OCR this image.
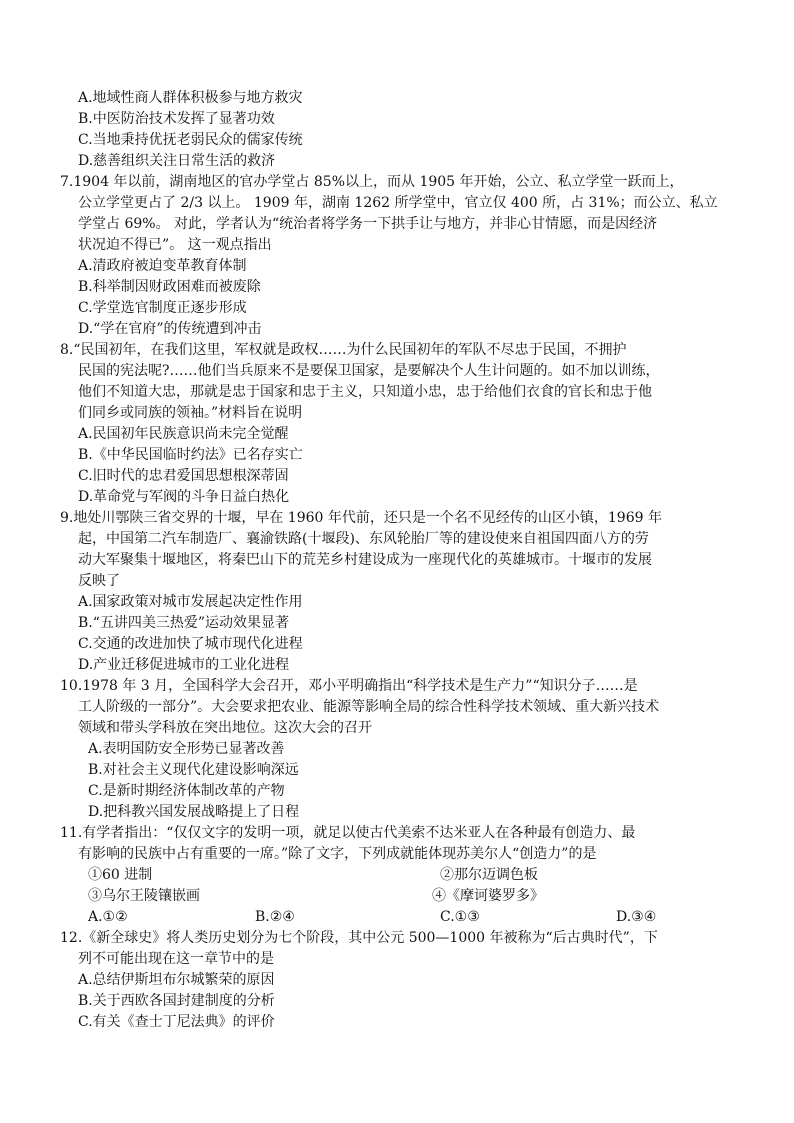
A.地域性商人群体积极参与地方救灾
B.中医防治技术发挥了显著功效
C.当地秉持优抚老弱民众的儒家传统
D.慈善组织关注日常生活的救济
7.1904 年以前，湖南地区的官办学堂占 85%以上，而从 1905 年开始，公立、私立学堂一跃而上，
公立学堂更占了 2/3 以上。 1909 年，湖南 1262 所学堂中，官立仅 400 所，占 31%；而公立、私立
学堂占 69%。 对此，学者认为“统治者将学务一下拱手让与地方，并非心甘情愿，而是因经济
状况迫不得已”。 这一观点指出
A.清政府被迫变革教育体制
B.科举制因财政困难而被废除
C.学堂选官制度正逐步形成
D.“学在官府”的传统遭到冲击
8.“民国初年，在我们这里，军权就是政权……为什么民国初年的军队不尽忠于民国，不拥护
民国的宪法呢?……他们当兵原来不是要保卫国家，是要解决个人生计问题的。如不加以训练，
他们不知道大忠，那就是忠于国家和忠于主义，只知道小忠，忠于给他们衣食的官长和忠于他
们同乡或同族的领袖。”材料旨在说明
A.民国初年民族意识尚未完全觉醒
B.《中华民国临时约法》已名存实亡
C.旧时代的忠君爱国思想根深蒂固
D.革命党与军阀的斗争日益白热化
9.地处川鄂陕三省交界的十堰，早在 1960 年代前，还只是一个名不见经传的山区小镇，1969 年
起，中国第二汽车制造厂、襄渝铁路(十堰段)、东风轮胎厂等的建设使来自祖国四面八方的劳
动大军聚集十堰地区，将秦巴山下的荒芜乡村建设成为一座现代化的英雄城市。十堰市的发展
反映了
A.国家政策对城市发展起决定性作用
B.“五讲四美三热爱”运动效果显著
C.交通的改进加快了城市现代化进程
D.产业迁移促进城市的工业化进程
10.1978 年 3 月，全国科学大会召开，邓小平明确指出“科学技术是生产力”“知识分子……是
工人阶级的一部分”。大会要求把农业、能源等影响全局的综合性科学技术领域、重大新兴技术
领域和带头学科放在突出地位。这次大会的召开
A.表明国防安全形势已显著改善
B.对社会主义现代化建设影响深远
C.是新时期经济体制改革的产物
D.把科教兴国发展战略提上了日程
11.有学者指出：“仅仅文字的发明一项，就足以使古代美索不达米亚人在各种最有创造力、最
有影响的民族中占有重要的一席。”除了文字，下列成就能体现苏美尔人“创造力”的是
①60 进制	②那尔迈调色板
③乌尔王陵镶嵌画	④《摩诃婆罗多》
A.①②	B.②④	C.①③	D.③④
12.《新全球史》将人类历史划分为七个阶段，其中公元 500—1000 年被称为“后古典时代”，下
列不可能出现在这一章节中的是
A.总结伊斯坦布尔城繁荣的原因
B.关于西欧各国封建制度的分析
C.有关《查士丁尼法典》的评价
